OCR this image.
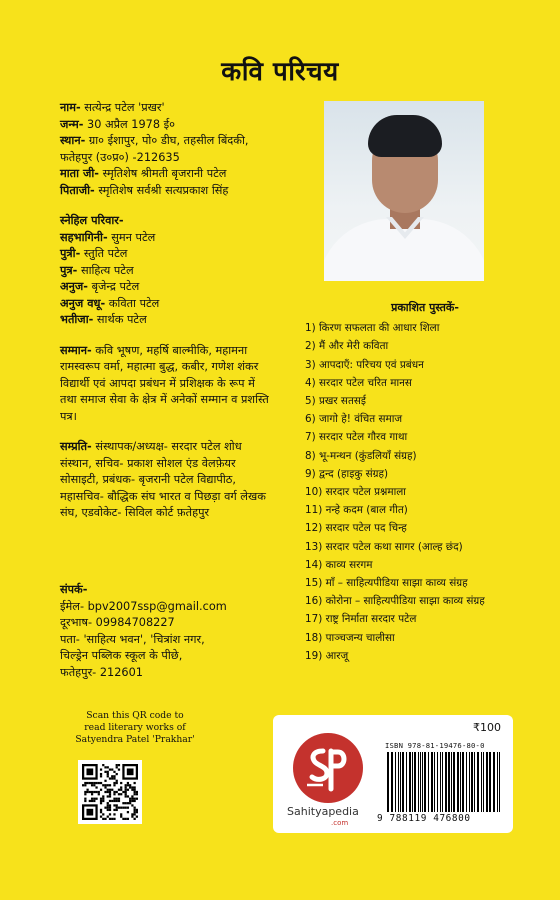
कवि परिचय
नाम- सत्येन्द्र पटेल 'प्रखर'
जन्म- 30 अप्रैल 1978 ई०
स्थान- ग्रा० ईशापुर, पो० डीघ, तहसील बिंदकी,
फतेहपुर (उ०प्र०) -212635
माता जी- स्मृतिशेष श्रीमती बृजरानी पटेल
पिताजी- स्मृतिशेष सर्वश्री सत्यप्रकाश सिंह
स्नेहिल परिवार-
सहभागिनी- सुमन पटेल
पुत्री- स्तुति पटेल
पुत्र- साहित्य पटेल
अनुज- बृजेन्द्र पटेल
अनुज वधू- कविता पटेल
भतीजा- सार्थक पटेल
सम्मान- कवि भूषण, महर्षि बाल्मीकि, महामना
रामस्वरूप वर्मा, महात्मा बुद्ध, कबीर, गणेश शंकर
विद्यार्थी एवं आपदा प्रबंधन में प्रशिक्षक के रूप में
तथा समाज सेवा के क्षेत्र में अनेकों सम्मान व प्रशस्ति
पत्र।
सम्प्रति- संस्थापक/अध्यक्ष- सरदार पटेल शोध
संस्थान, सचिव- प्रकाश सोशल एंड वेलफ़ेयर
सोसाइटी, प्रबंधक- बृजरानी पटेल विद्यापीठ,
महासचिव- बौद्धिक संघ भारत व पिछड़ा वर्ग लेखक
संघ, एडवोकेट- सिविल कोर्ट फ़तेहपुर
प्रकाशित पुस्तकें-
1) किरण सफलता की आधार शिला
2) मैं और मेरी कविता
3) आपदाएँ: परिचय एवं प्रबंधन
4) सरदार पटेल चरित मानस
5) प्रखर सतसई
6) जागो हे! वंचित समाज
7) सरदार पटेल गौरव गाथा
8) भू-मन्थन (कुंडलियाँ संग्रह)
9) द्वन्द (हाइकु संग्रह)
10) सरदार पटेल प्रश्नमाला
11) नन्हे कदम (बाल गीत)
12) सरदार पटेल पद चिन्ह
13) सरदार पटेल कथा सागर (आल्ह छंद)
14) काव्य सरगम
15) माँ – साहित्यपीडिया साझा काव्य संग्रह
16) कोरोना – साहित्यपीडिया साझा काव्य संग्रह
17) राष्ट्र निर्माता सरदार पटेल
18) पाञ्चजन्य चालीसा
19) आरजू
संपर्क-
ईमेल- bpv2007ssp@gmail.com
दूरभाष- 09984708227
पता- 'साहित्य भवन', 'चित्रांश नगर,
चिल्ड्रेन पब्लिक स्कूल के पीछे,
फतेहपुर- 212601
Scan this QR code to
read literary works of
Satyendra Patel 'Prakhar'
₹100
Sahityapedia
.com
ISBN 978-81-19476-80-0
9 788119 476800
